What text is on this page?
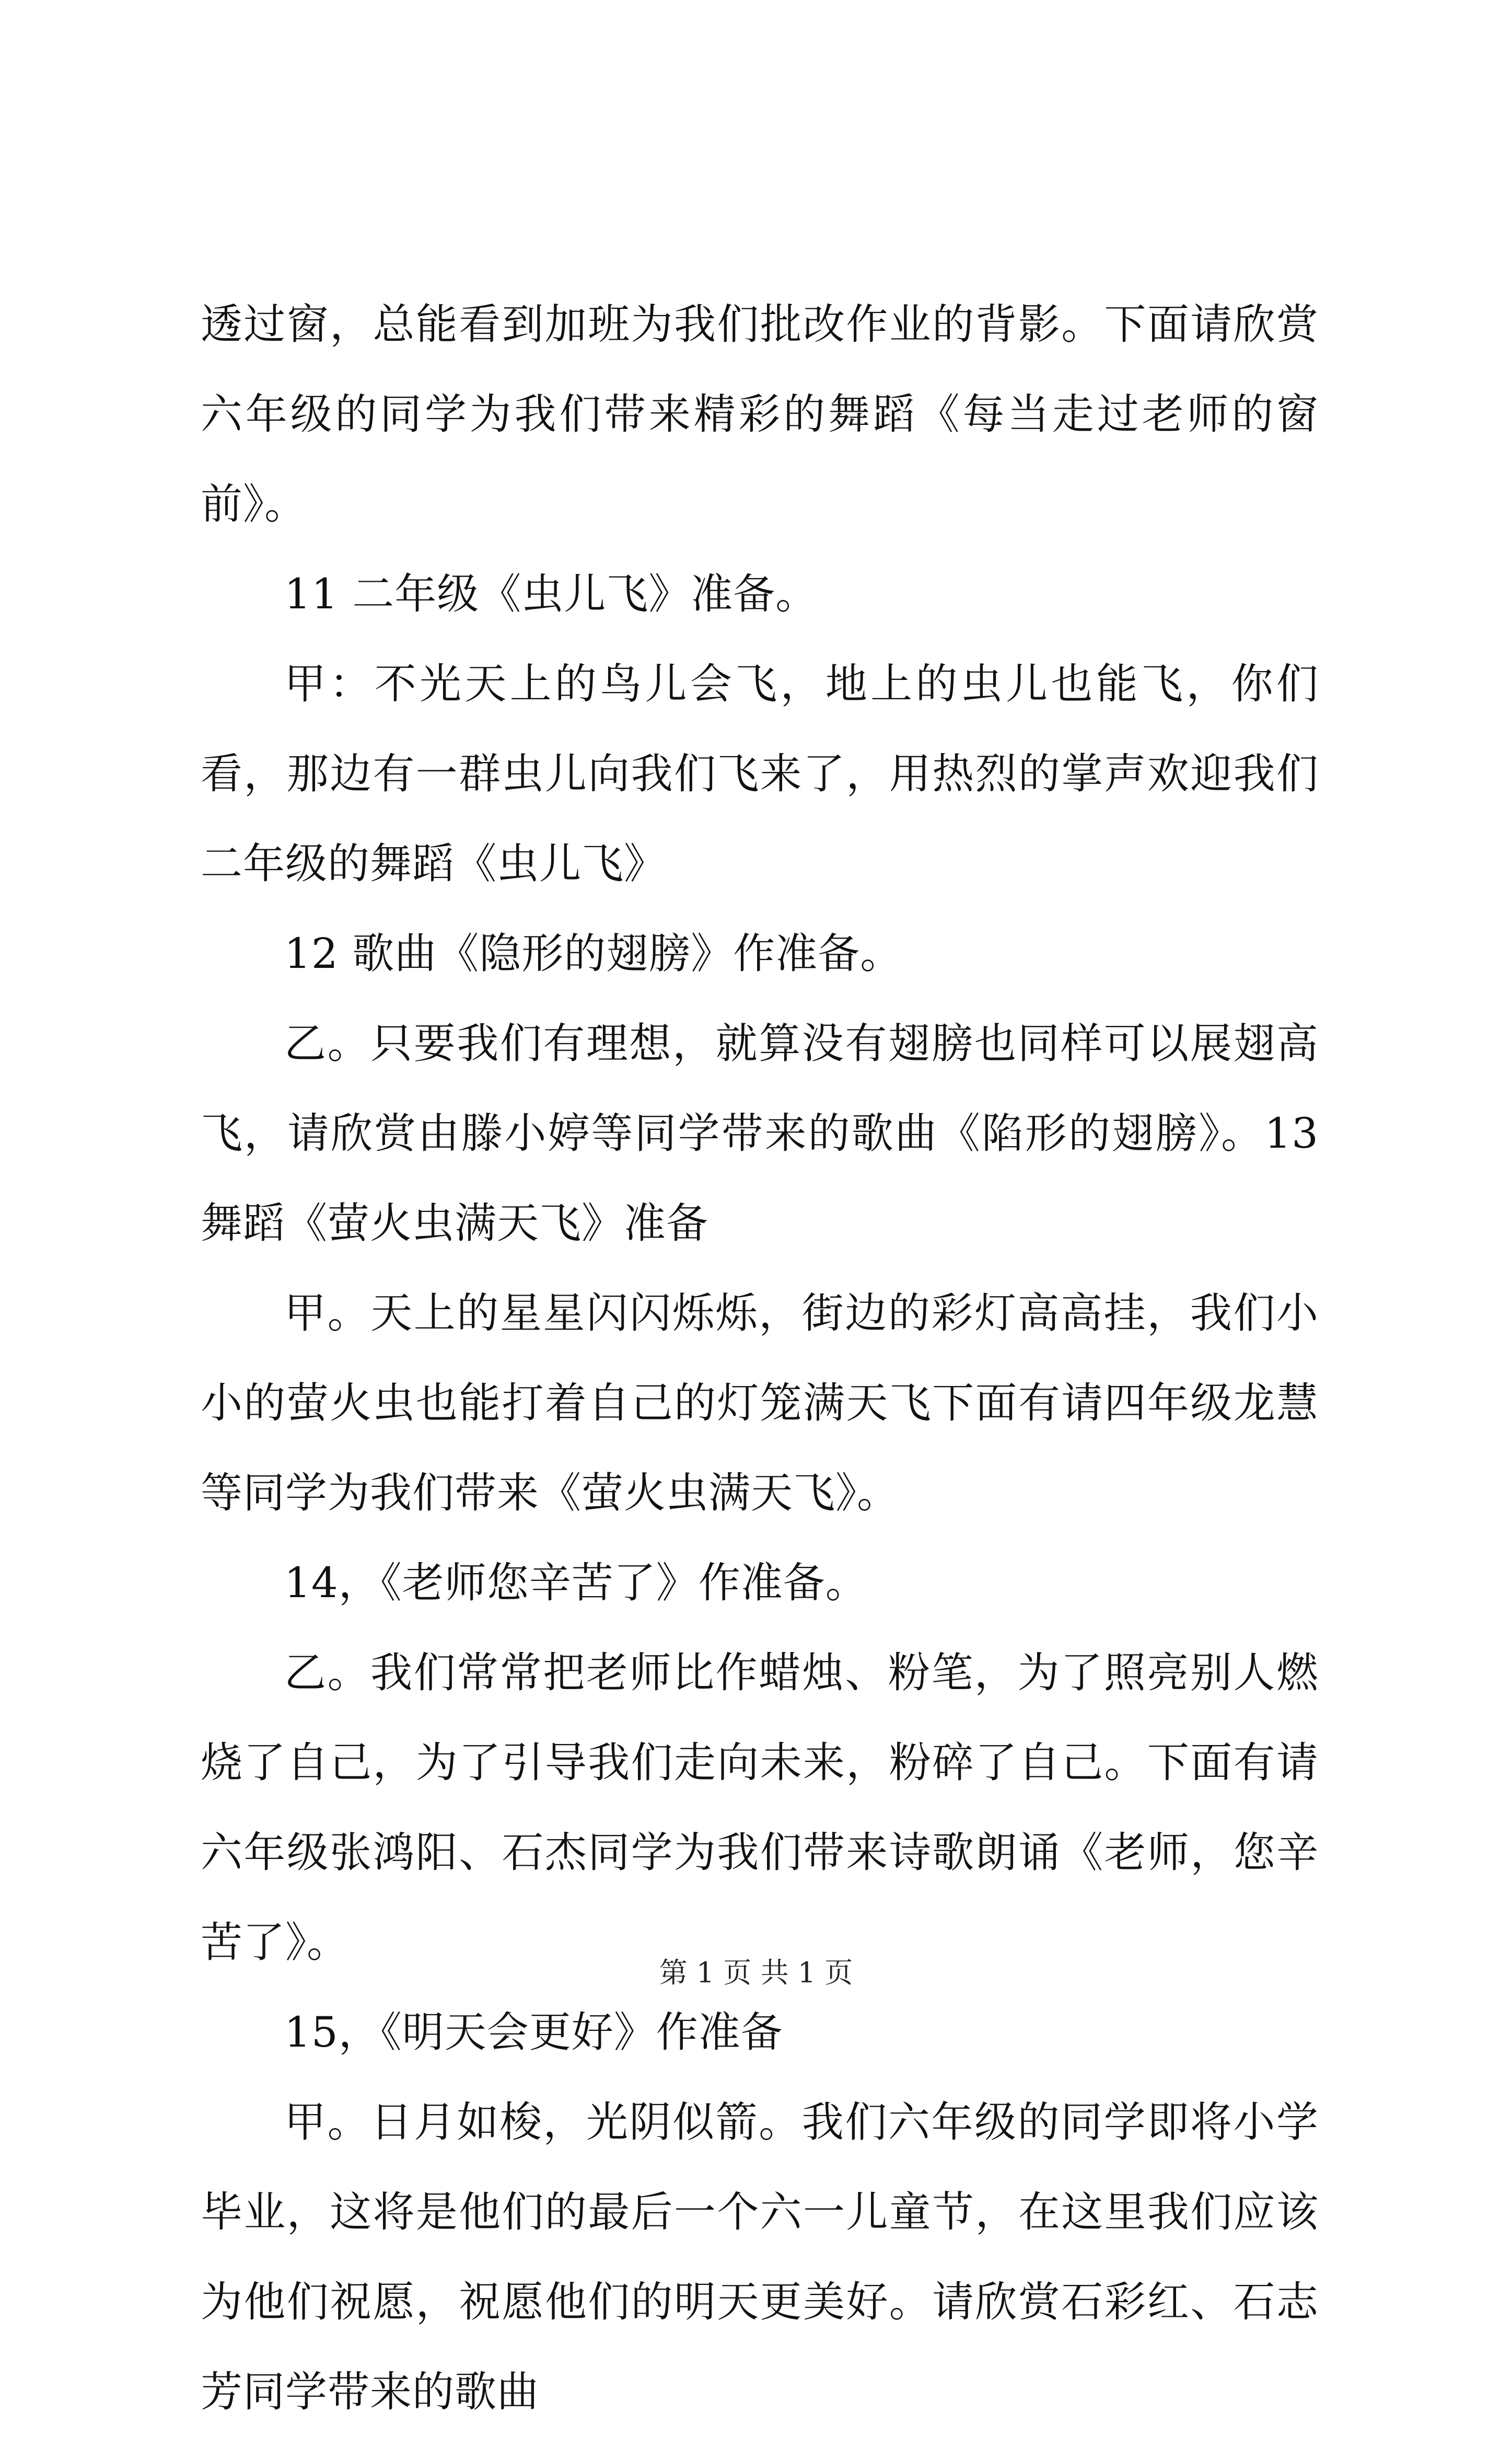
透过窗，总能看到加班为我们批改作业的背影。下面请欣赏六年级的同学为我们带来精彩的舞蹈《每当走过老师的窗前》。

11 二年级《虫儿飞》准备。

甲：不光天上的鸟儿会飞，地上的虫儿也能飞，你们看，那边有一群虫儿向我们飞来了，用热烈的掌声欢迎我们二年级的舞蹈《虫儿飞》

12 歌曲《隐形的翅膀》作准备。

乙。只要我们有理想，就算没有翅膀也同样可以展翅高飞，请欣赏由滕小婷等同学带来的歌曲《陷形的翅膀》。13 舞蹈《萤火虫满天飞》准备

甲。天上的星星闪闪烁烁，街边的彩灯高高挂，我们小小的萤火虫也能打着自己的灯笼满天飞下面有请四年级龙慧等同学为我们带来《萤火虫满天飞》。

14，《老师您辛苦了》作准备。

乙。我们常常把老师比作蜡烛、粉笔，为了照亮别人燃烧了自己，为了引导我们走向未来，粉碎了自己。下面有请六年级张鸿阳、石杰同学为我们带来诗歌朗诵《老师，您辛苦了》。

15，《明天会更好》作准备

甲。日月如梭，光阴似箭。我们六年级的同学即将小学毕业，这将是他们的最后一个六一儿童节，在这里我们应该为他们祝愿，祝愿他们的明天更美好。请欣赏石彩红、石志芳同学带来的歌曲

第 1 页 共 1 页
